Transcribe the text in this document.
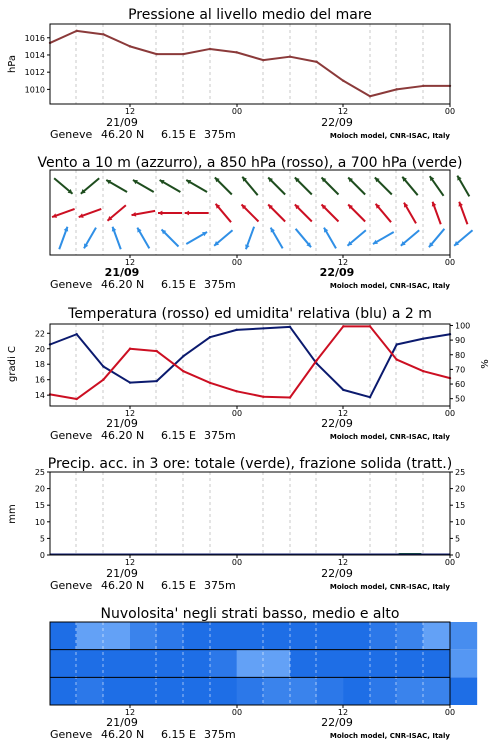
Pressione al livello medio del mare
1010
1012
1014
1016
hPa
12	00	12	00
21/09	22/09
Geneve 46.20 N 6.15 E 375m	Moloch model, CNR-ISAC, Italy
Vento a 10 m (azzurro), a 850 hPa (rosso), a 700 hPa (verde)
12	00	12	00
21/09	22/09
Geneve 46.20 N 6.15 E 375m	Moloch model, CNR-ISAC, Italy
Temperatura (rosso) ed umidita' relativa (blu) a 2 m
14
16
18
20
22
50
60
70
80
90
100
gradi C	%
12	00	12	00
21/09	22/09
Geneve 46.20 N 6.15 E 375m	Moloch model, CNR-ISAC, Italy
Precip. acc. in 3 ore: totale (verde), frazione solida (tratt.)
0
5
10
15
20
25
0
5
10
15
20
25
mm
12	00	12	00
21/09	22/09
Geneve 46.20 N 6.15 E 375m	Moloch model, CNR-ISAC, Italy
Nuvolosita' negli strati basso, medio e alto
12	00	12	00
21/09	22/09
Geneve 46.20 N 6.15 E 375m	Moloch model, CNR-ISAC, Italy
